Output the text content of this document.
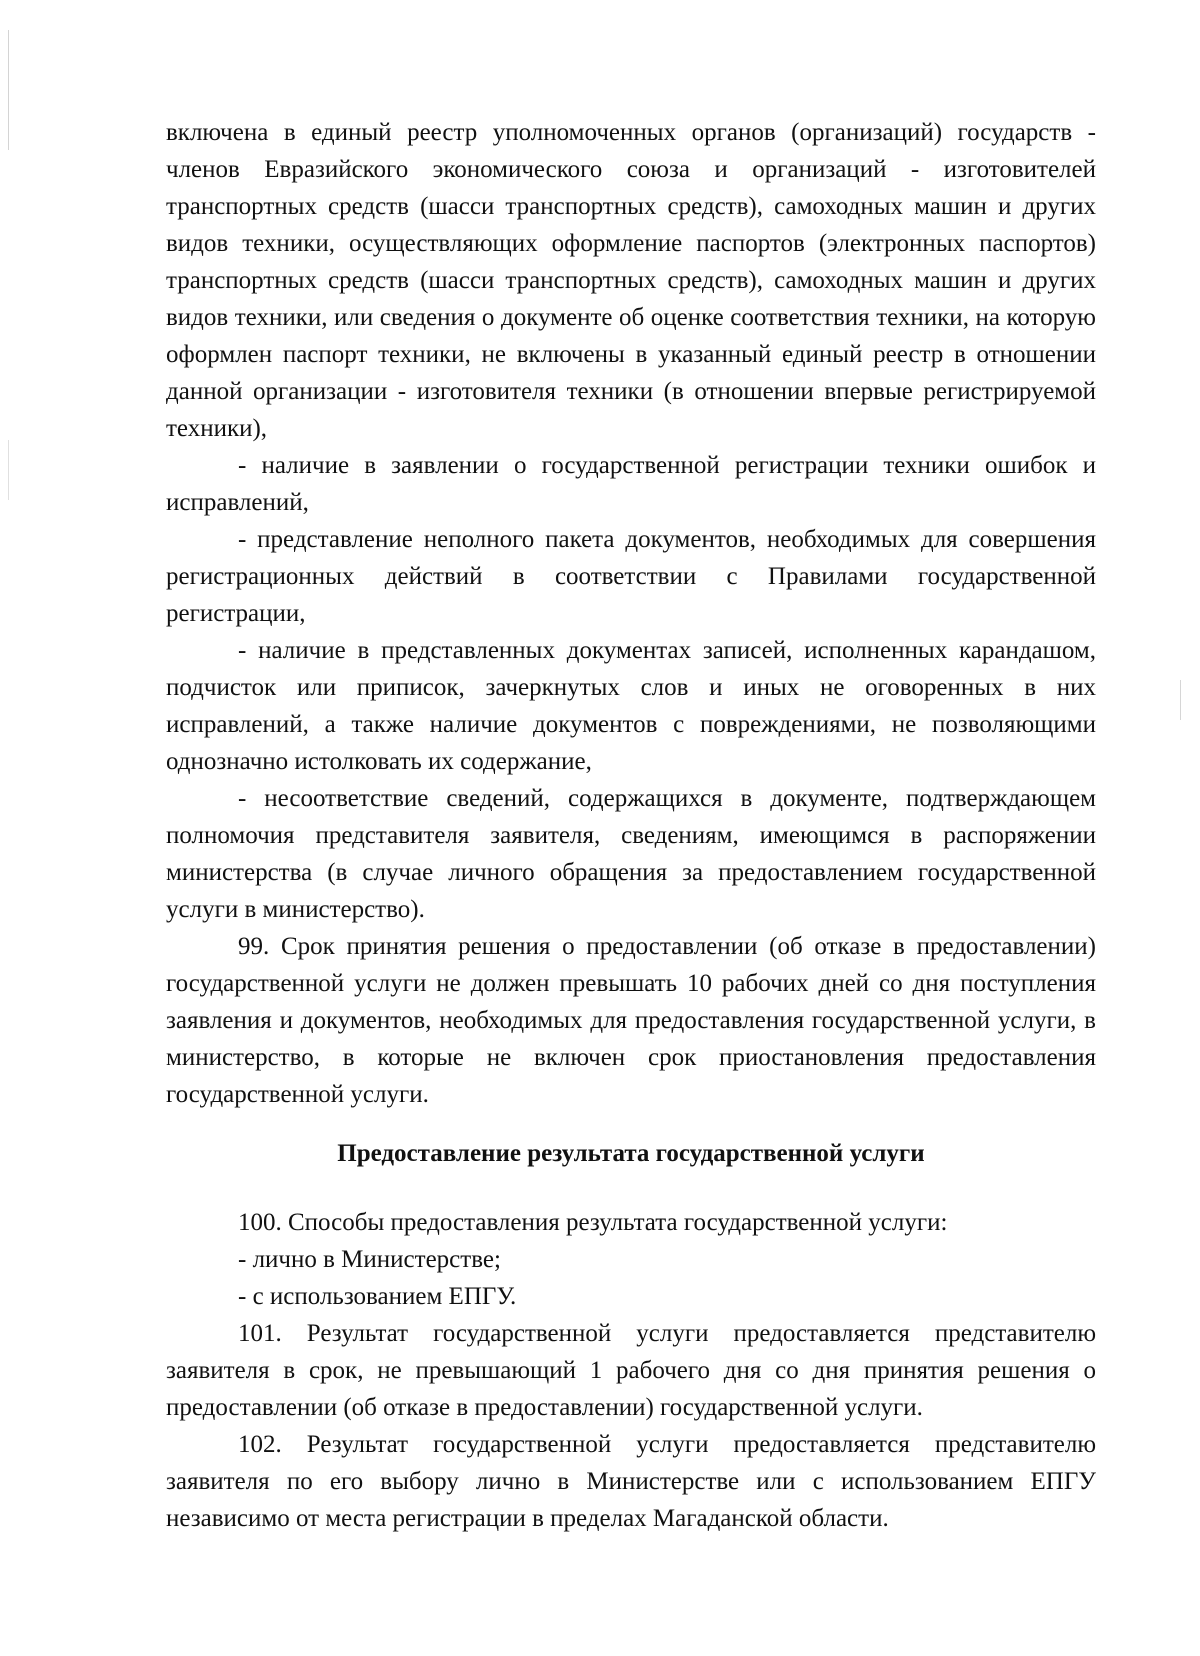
включена в единый реестр уполномоченных органов (организаций) государств - членов Евразийского экономического союза и организаций - изготовителей транспортных средств (шасси транспортных средств), самоходных машин и других видов техники, осуществляющих оформление паспортов (электронных паспортов) транспортных средств (шасси транспортных средств), самоходных машин и других видов техники, или сведения о документе об оценке соответствия техники, на которую оформлен паспорт техники, не включены в указанный единый реестр в отношении данной организации - изготовителя техники (в отношении впервые регистрируемой техники),

- наличие в заявлении о государственной регистрации техники ошибок и исправлений,

- представление неполного пакета документов, необходимых для совершения регистрационных действий в соответствии с Правилами государственной регистрации,

- наличие в представленных документах записей, исполненных карандашом, подчисток или приписок, зачеркнутых слов и иных не оговоренных в них исправлений, а также наличие документов с повреждениями, не позволяющими однозначно истолковать их содержание,

- несоответствие сведений, содержащихся в документе, подтверждающем полномочия представителя заявителя, сведениям, имеющимся в распоряжении министерства (в случае личного обращения за предоставлением государственной услуги в министерство).

99. Срок принятия решения о предоставлении (об отказе в предоставлении) государственной услуги не должен превышать 10 рабочих дней со дня поступления заявления и документов, необходимых для предоставления государственной услуги, в министерство, в которые не включен срок приостановления предоставления государственной услуги.

Предоставление результата государственной услуги

100. Способы предоставления результата государственной услуги:

- лично в Министерстве;

- с использованием ЕПГУ.

101. Результат государственной услуги предоставляется представителю заявителя в срок, не превышающий 1 рабочего дня со дня принятия решения о предоставлении (об отказе в предоставлении) государственной услуги.

102. Результат государственной услуги предоставляется представителю заявителя по его выбору лично в Министерстве или с использованием ЕПГУ независимо от места регистрации в пределах Магаданской области.
